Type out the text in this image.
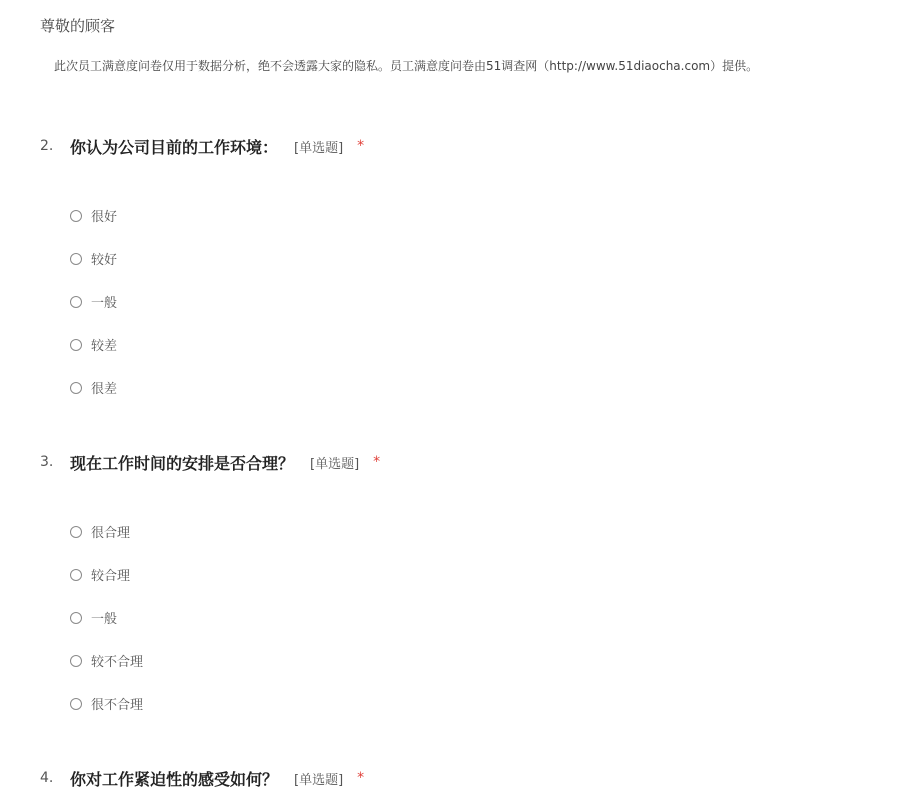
尊敬的顾客
此次员工满意度问卷仅用于数据分析，绝不会透露大家的隐私。员工满意度问卷由51调查网（http://www.51diaocha.com）提供。
2.	你认为公司目前的工作环境： [单选题] *
很好
较好
一般
较差
很差
3.	现在工作时间的安排是否合理？ [单选题] *
很合理
较合理
一般
较不合理
很不合理
4.	你对工作紧迫性的感受如何？ [单选题] *
